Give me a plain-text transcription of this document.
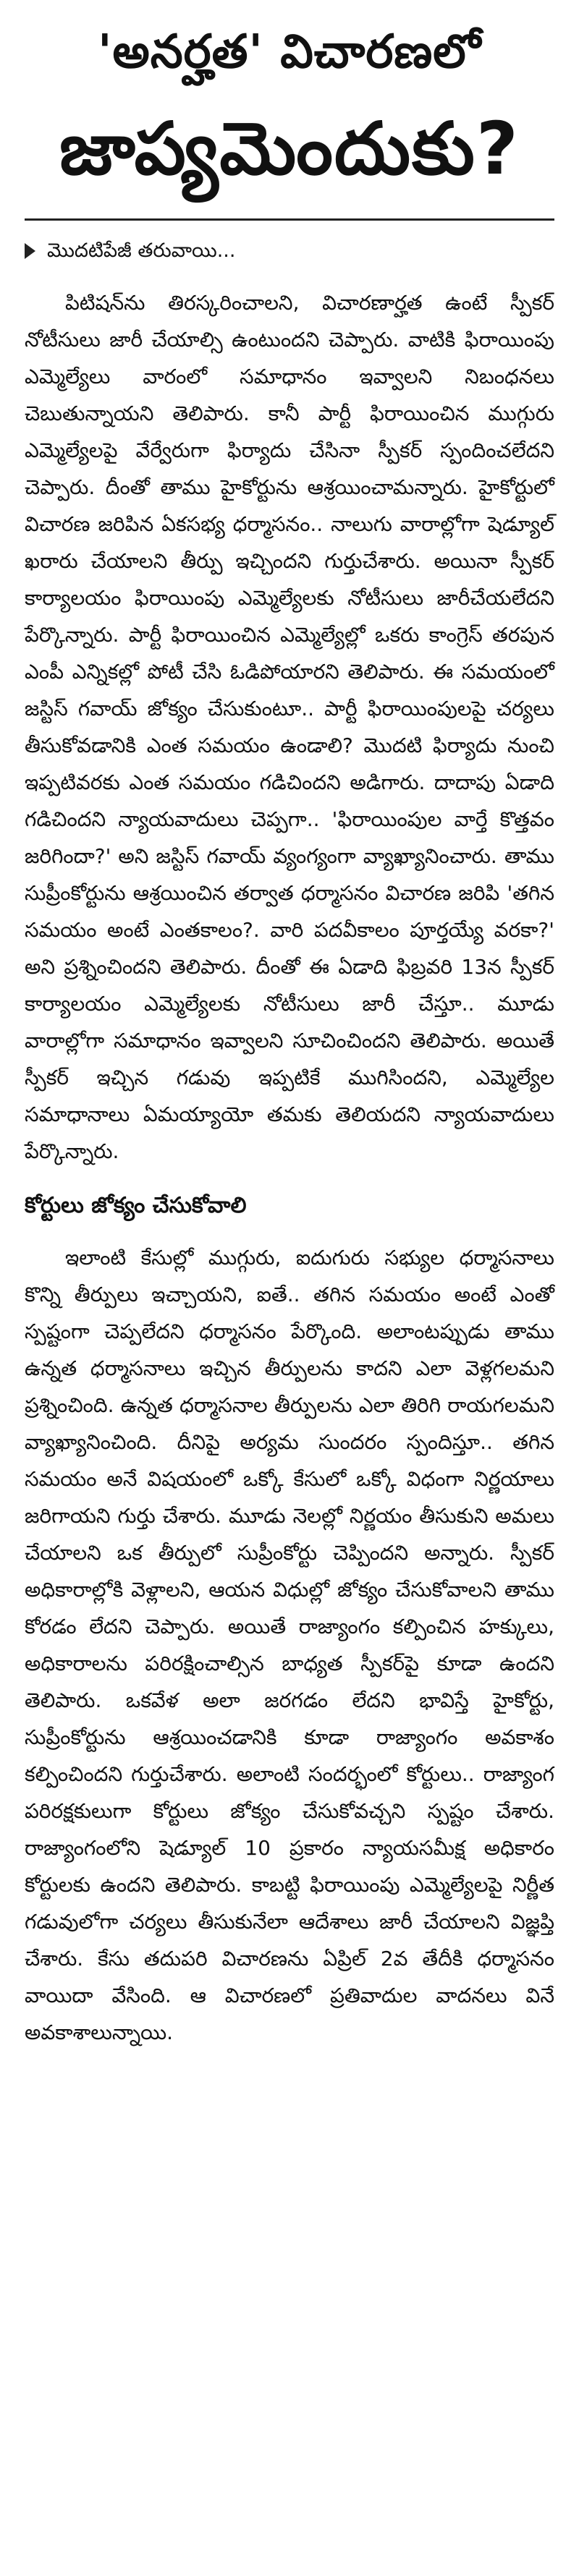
'అనర్హత' విచారణలో
జాప్యమెందుకు?
మొదటిపేజీ తరువాయి...

పిటిషన్‌ను తిరస్కరించాలని, విచారణార్హత ఉంటే స్పీకర్ నోటీసులు జారీ చేయాల్సి ఉంటుందని చెప్పారు. వాటికి ఫిరాయింపు ఎమ్మెల్యేలు వారంలో సమాధానం ఇవ్వాలని నిబంధనలు చెబుతున్నాయని తెలిపారు. కానీ పార్టీ ఫిరాయించిన ముగ్గురు ఎమ్మెల్యేలపై వేర్వేరుగా ఫిర్యాదు చేసినా స్పీకర్ స్పందించలేదని చెప్పారు. దీంతో తాము హైకోర్టును ఆశ్రయించామన్నారు. హైకోర్టులో విచారణ జరిపిన ఏకసభ్య ధర్మాసనం.. నాలుగు వారాల్లోగా షెడ్యూల్ ఖరారు చేయాలని తీర్పు ఇచ్చిందని గుర్తుచేశారు. అయినా స్పీకర్ కార్యాలయం ఫిరాయింపు ఎమ్మెల్యేలకు నోటీసులు జారీచేయలేదని పేర్కొన్నారు. పార్టీ ఫిరాయించిన ఎమ్మెల్యేల్లో ఒకరు కాంగ్రెస్ తరపున ఎంపీ ఎన్నికల్లో పోటీ చేసి ఓడిపోయారని తెలిపారు. ఈ సమయంలో జస్టిస్ గవాయ్ జోక్యం చేసుకుంటూ.. పార్టీ ఫిరాయింపులపై చర్యలు తీసుకోవడానికి ఎంత సమయం ఉండాలి? మొదటి ఫిర్యాదు నుంచి ఇప్పటివరకు ఎంత సమయం గడిచిందని అడిగారు. దాదాపు ఏడాది గడిచిందని న్యాయవాదులు చెప్పగా.. 'ఫిరాయింపుల వార్తే కొత్తవం జరిగిందా?' అని జస్టిస్ గవాయ్ వ్యంగ్యంగా వ్యాఖ్యానించారు. తాము సుప్రీంకోర్టును ఆశ్రయించిన తర్వాత ధర్మాసనం విచారణ జరిపి 'తగిన సమయం అంటే ఎంతకాలం?. వారి పదవీకాలం పూర్తయ్యే వరకా?' అని ప్రశ్నించిందని తెలిపారు. దీంతో ఈ ఏడాది ఫిబ్రవరి 13న స్పీకర్ కార్యాలయం ఎమ్మెల్యేలకు నోటీసులు జారీ చేస్తూ.. మూడు వారాల్లోగా సమాధానం ఇవ్వాలని సూచించిందని తెలిపారు. అయితే స్పీకర్ ఇచ్చిన గడువు ఇప్పటికే ముగిసిందని, ఎమ్మెల్యేల సమాధానాలు ఏమయ్యాయో తమకు తెలియదని న్యాయవాదులు పేర్కొన్నారు.

కోర్టులు జోక్యం చేసుకోవాలి

ఇలాంటి కేసుల్లో ముగ్గురు, ఐదుగురు సభ్యుల ధర్మాసనాలు కొన్ని తీర్పులు ఇచ్చాయని, ఐతే.. తగిన సమయం అంటే ఎంతో స్పష్టంగా చెప్పలేదని ధర్మాసనం పేర్కొంది. అలాంటప్పుడు తాము ఉన్నత ధర్మాసనాలు ఇచ్చిన తీర్పులను కాదని ఎలా వెళ్లగలమని ప్రశ్నించింది. ఉన్నత ధర్మాసనాల తీర్పులను ఎలా తిరిగి రాయగలమని వ్యాఖ్యానించింది. దీనిపై అర్యమ సుందరం స్పందిస్తూ.. తగిన సమయం అనే విషయంలో ఒక్కో కేసులో ఒక్కో విధంగా నిర్ణయాలు జరిగాయని గుర్తు చేశారు. మూడు నెలల్లో నిర్ణయం తీసుకుని అమలు చేయాలని ఒక తీర్పులో సుప్రీంకోర్టు చెప్పిందని అన్నారు. స్పీకర్ అధికారాల్లోకి వెళ్లాలని, ఆయన విధుల్లో జోక్యం చేసుకోవాలని తాము కోరడం లేదని చెప్పారు. అయితే రాజ్యాంగం కల్పించిన హక్కులు, అధికారాలను పరిరక్షించాల్సిన బాధ్యత స్పీకర్‌పై కూడా ఉందని తెలిపారు. ఒకవేళ అలా జరగడం లేదని భావిస్తే హైకోర్టు, సుప్రీంకోర్టును ఆశ్రయించడానికి కూడా రాజ్యాంగం అవకాశం కల్పించిందని గుర్తుచేశారు. అలాంటి సందర్భంలో కోర్టులు.. రాజ్యాంగ పరిరక్షకులుగా కోర్టులు జోక్యం చేసుకోవచ్చని స్పష్టం చేశారు. రాజ్యాంగంలోని షెడ్యూల్ 10 ప్రకారం న్యాయసమీక్ష అధికారం కోర్టులకు ఉందని తెలిపారు. కాబట్టి ఫిరాయింపు ఎమ్మెల్యేలపై నిర్ణీత గడువులోగా చర్యలు తీసుకునేలా ఆదేశాలు జారీ చేయాలని విజ్ఞప్తి చేశారు. కేసు తదుపరి విచారణను ఏప్రిల్ 2వ తేదీకి ధర్మాసనం వాయిదా వేసింది. ఆ విచారణలో ప్రతివాదుల వాదనలు వినే అవకాశాలున్నాయి.
